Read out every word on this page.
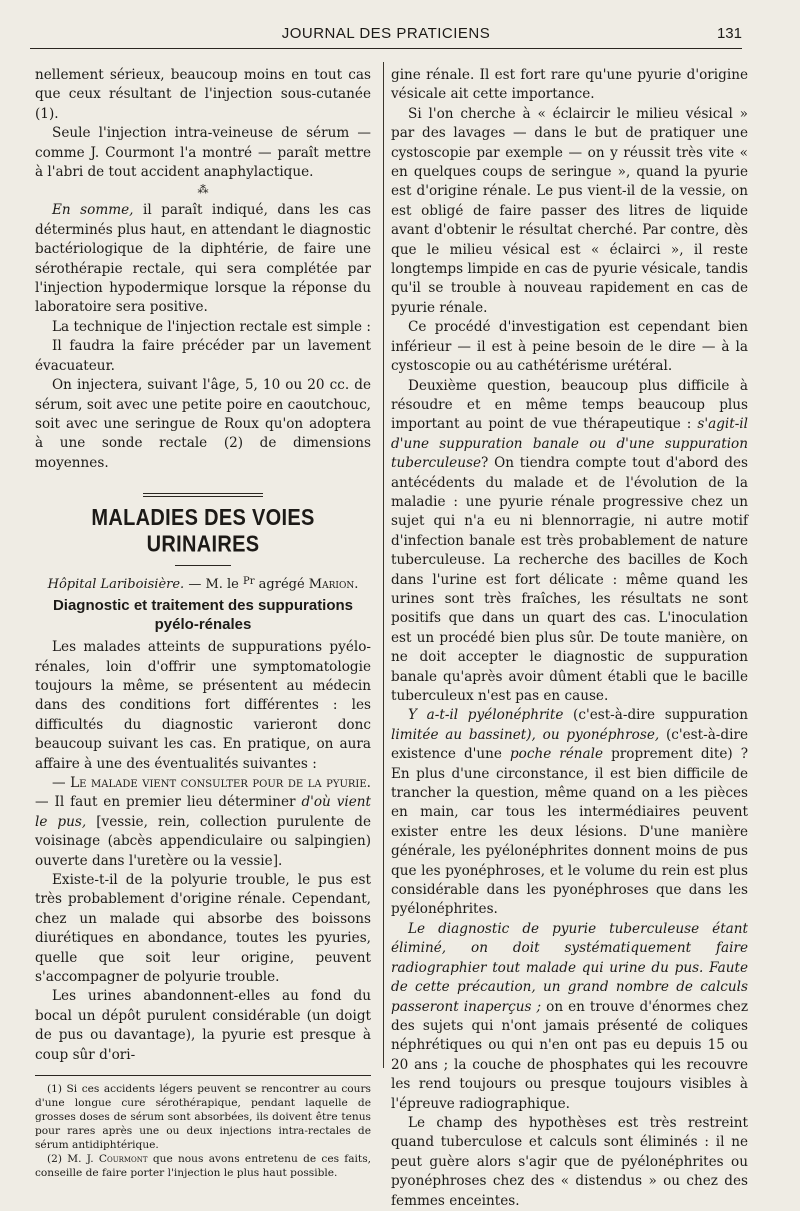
JOURNAL DES PRATICIENS	131

nellement sérieux, beaucoup moins en tout cas que ceux résultant de l'injection sous-cutanée (1).

Seule l'injection intra-veineuse de sérum — comme J. Courmont l'a montré — paraît mettre à l'abri de tout accident anaphylactique.

⁂

En somme, il paraît indiqué, dans les cas déterminés plus haut, en attendant le diagnostic bactériologique de la diphtérie, de faire une sérothérapie rectale, qui sera complétée par l'injection hypodermique lorsque la réponse du laboratoire sera positive.

La technique de l'injection rectale est simple :

Il faudra la faire précéder par un lavement évacuateur.

On injectera, suivant l'âge, 5, 10 ou 20 cc. de sérum, soit avec une petite poire en caoutchouc, soit avec une seringue de Roux qu'on adoptera à une sonde rectale (2) de dimensions moyennes.

MALADIES DES VOIES URINAIRES
Hôpital Lariboisière. — M. le $^{Pr}$ agrégé Marion.
Diagnostic et traitement des suppurations pyélo-rénales

Les malades atteints de suppurations pyélo-rénales, loin d'offrir une symptomatologie toujours la même, se présentent au médecin dans des conditions fort différentes : les difficultés du diagnostic varieront donc beaucoup suivant les cas. En pratique, on aura affaire à une des éventualités suivantes :

— Le malade vient consulter pour de la pyurie. — Il faut en premier lieu déterminer d'où vient le pus, [vessie, rein, collection purulente de voisinage (abcès appendiculaire ou salpingien) ouverte dans l'uretère ou la vessie].

Existe-t-il de la polyurie trouble, le pus est très probablement d'origine rénale. Cependant, chez un malade qui absorbe des boissons diurétiques en abondance, toutes les pyuries, quelle que soit leur origine, peuvent s'accompagner de polyurie trouble.

Les urines abandonnent-elles au fond du bocal un dépôt purulent considérable (un doigt de pus ou davantage), la pyurie est presque à coup sûr d'ori-

(1) Si ces accidents légers peuvent se rencontrer au cours d'une longue cure sérothérapique, pendant laquelle de grosses doses de sérum sont absorbées, ils doivent être tenus pour rares après une ou deux injections intra-rectales de sérum antidiphtérique.
(2) M. J. Courmont que nous avons entretenu de ces faits, conseille de faire porter l'injection le plus haut possible.

gine rénale. Il est fort rare qu'une pyurie d'origine vésicale ait cette importance.

Si l'on cherche à « éclaircir le milieu vésical » par des lavages — dans le but de pratiquer une cystoscopie par exemple — on y réussit très vite « en quelques coups de seringue », quand la pyurie est d'origine rénale. Le pus vient-il de la vessie, on est obligé de faire passer des litres de liquide avant d'obtenir le résultat cherché. Par contre, dès que le milieu vésical est « éclairci », il reste longtemps limpide en cas de pyurie vésicale, tandis qu'il se trouble à nouveau rapidement en cas de pyurie rénale.

Ce procédé d'investigation est cependant bien inférieur — il est à peine besoin de le dire — à la cystoscopie ou au cathétérisme urétéral.

Deuxième question, beaucoup plus difficile à résoudre et en même temps beaucoup plus important au point de vue thérapeutique : s'agit-il d'une suppuration banale ou d'une suppuration tuberculeuse? On tiendra compte tout d'abord des antécédents du malade et de l'évolution de la maladie : une pyurie rénale progressive chez un sujet qui n'a eu ni blennorragie, ni autre motif d'infection banale est très probablement de nature tuberculeuse. La recherche des bacilles de Koch dans l'urine est fort délicate : même quand les urines sont très fraîches, les résultats ne sont positifs que dans un quart des cas. L'inoculation est un procédé bien plus sûr. De toute manière, on ne doit accepter le diagnostic de suppuration banale qu'après avoir dûment établi que le bacille tuberculeux n'est pas en cause.

Y a-t-il pyélonéphrite (c'est-à-dire suppuration limitée au bassinet), ou pyonéphrose, (c'est-à-dire existence d'une poche rénale proprement dite) ? En plus d'une circonstance, il est bien difficile de trancher la question, même quand on a les pièces en main, car tous les intermédiaires peuvent exister entre les deux lésions. D'une manière générale, les pyélonéphrites donnent moins de pus que les pyonéphroses, et le volume du rein est plus considérable dans les pyonéphroses que dans les pyélonéphrites.

Le diagnostic de pyurie tuberculeuse étant éliminé, on doit systématiquement faire radiographier tout malade qui urine du pus. Faute de cette précaution, un grand nombre de calculs passeront inaperçus ; on en trouve d'énormes chez des sujets qui n'ont jamais présenté de coliques néphrétiques ou qui n'en ont pas eu depuis 15 ou 20 ans ; la couche de phosphates qui les recouvre les rend toujours ou presque toujours visibles à l'épreuve radiographique.

Le champ des hypothèses est très restreint quand tuberculose et calculs sont éliminés : il ne peut guère alors s'agir que de pyélonéphrites ou pyonéphroses chez des « distendus » ou chez des femmes enceintes.
